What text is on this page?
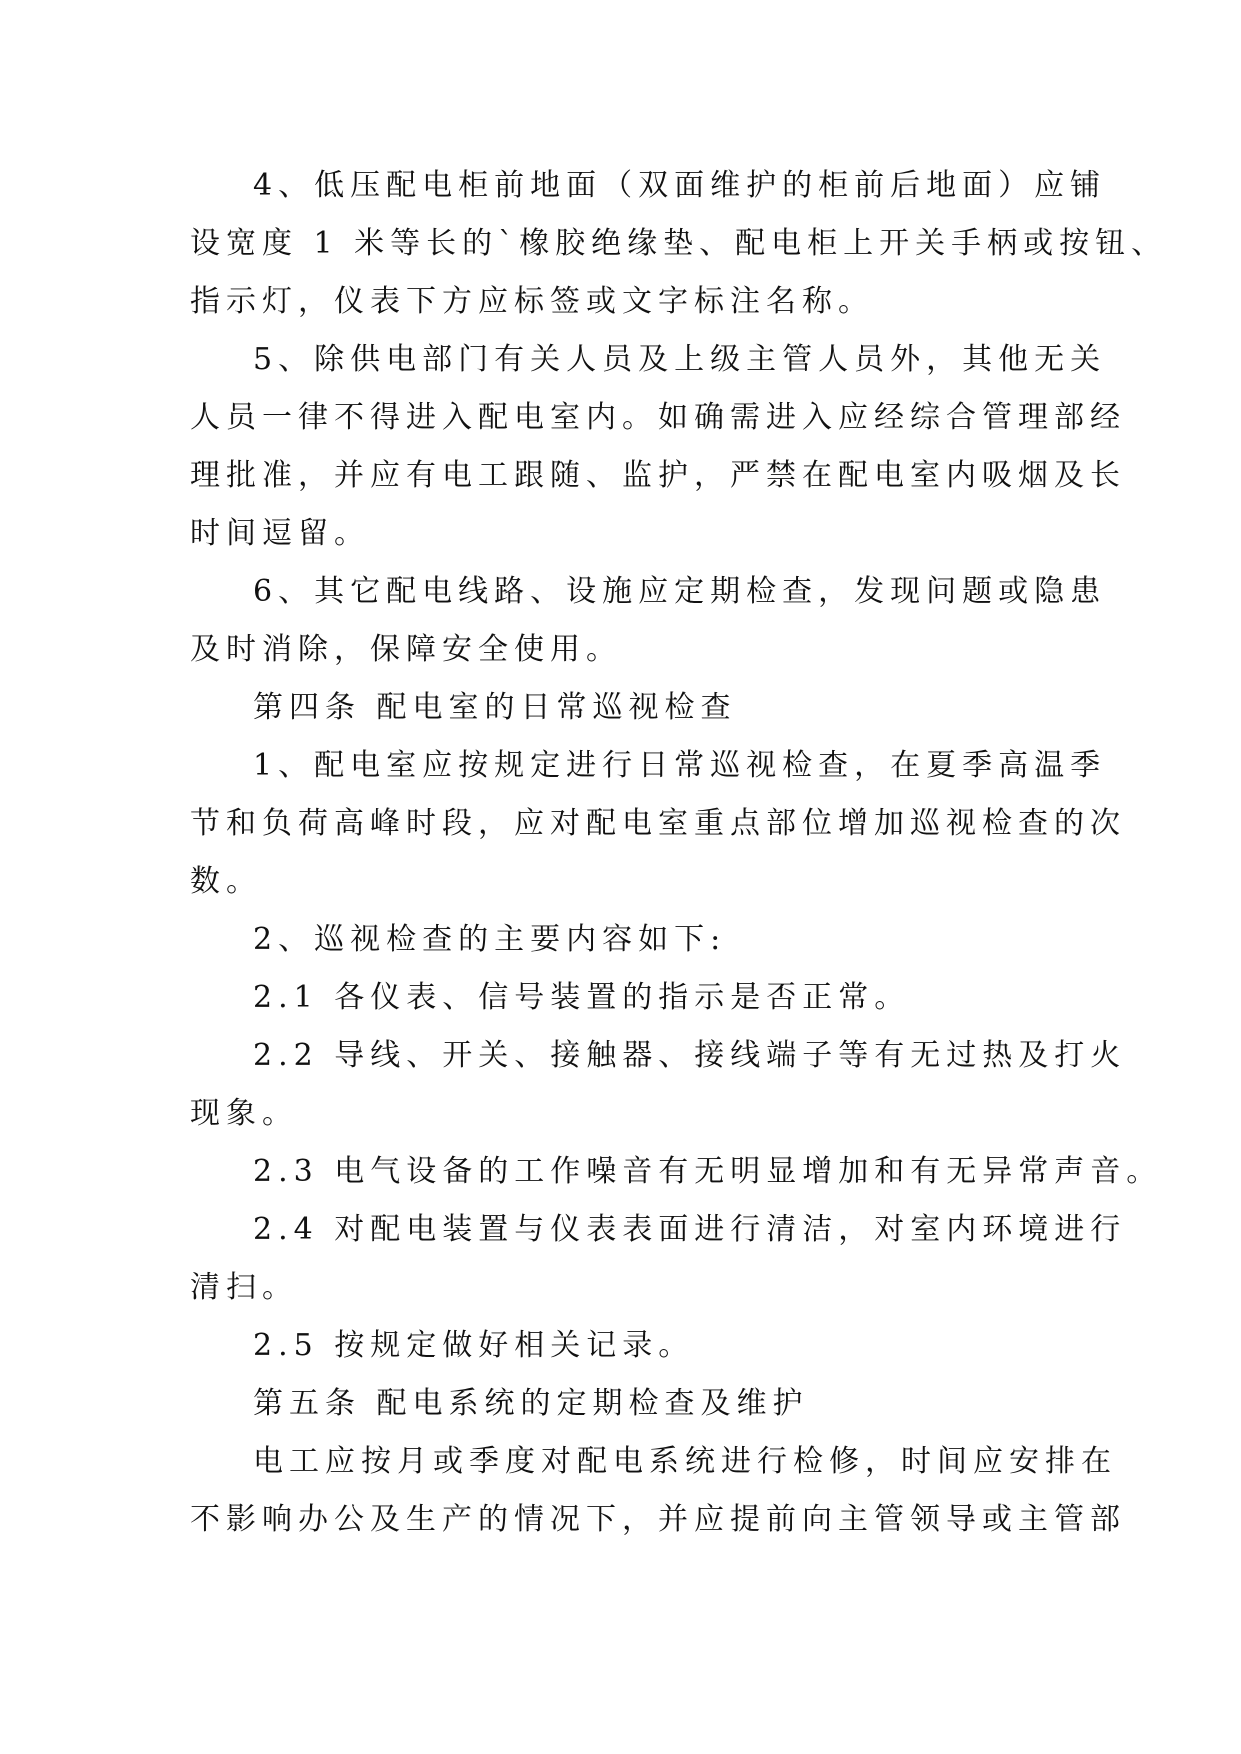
4、低压配电柜前地面（双面维护的柜前后地面）应铺
设宽度 1 米等长的`橡胶绝缘垫、配电柜上开关手柄或按钮、
指示灯，仪表下方应标签或文字标注名称。
5、除供电部门有关人员及上级主管人员外，其他无关
人员一律不得进入配电室内。如确需进入应经综合管理部经
理批准，并应有电工跟随、监护，严禁在配电室内吸烟及长
时间逗留。
6、其它配电线路、设施应定期检查，发现问题或隐患
及时消除，保障安全使用。
第四条 配电室的日常巡视检查
1、配电室应按规定进行日常巡视检查，在夏季高温季
节和负荷高峰时段，应对配电室重点部位增加巡视检查的次
数。
2、巡视检查的主要内容如下:
2.1 各仪表、信号装置的指示是否正常。
2.2 导线、开关、接触器、接线端子等有无过热及打火
现象。
2.3 电气设备的工作噪音有无明显增加和有无异常声音。
2.4 对配电装置与仪表表面进行清洁，对室内环境进行
清扫。
2.5 按规定做好相关记录。
第五条 配电系统的定期检查及维护
电工应按月或季度对配电系统进行检修，时间应安排在
不影响办公及生产的情况下，并应提前向主管领导或主管部
